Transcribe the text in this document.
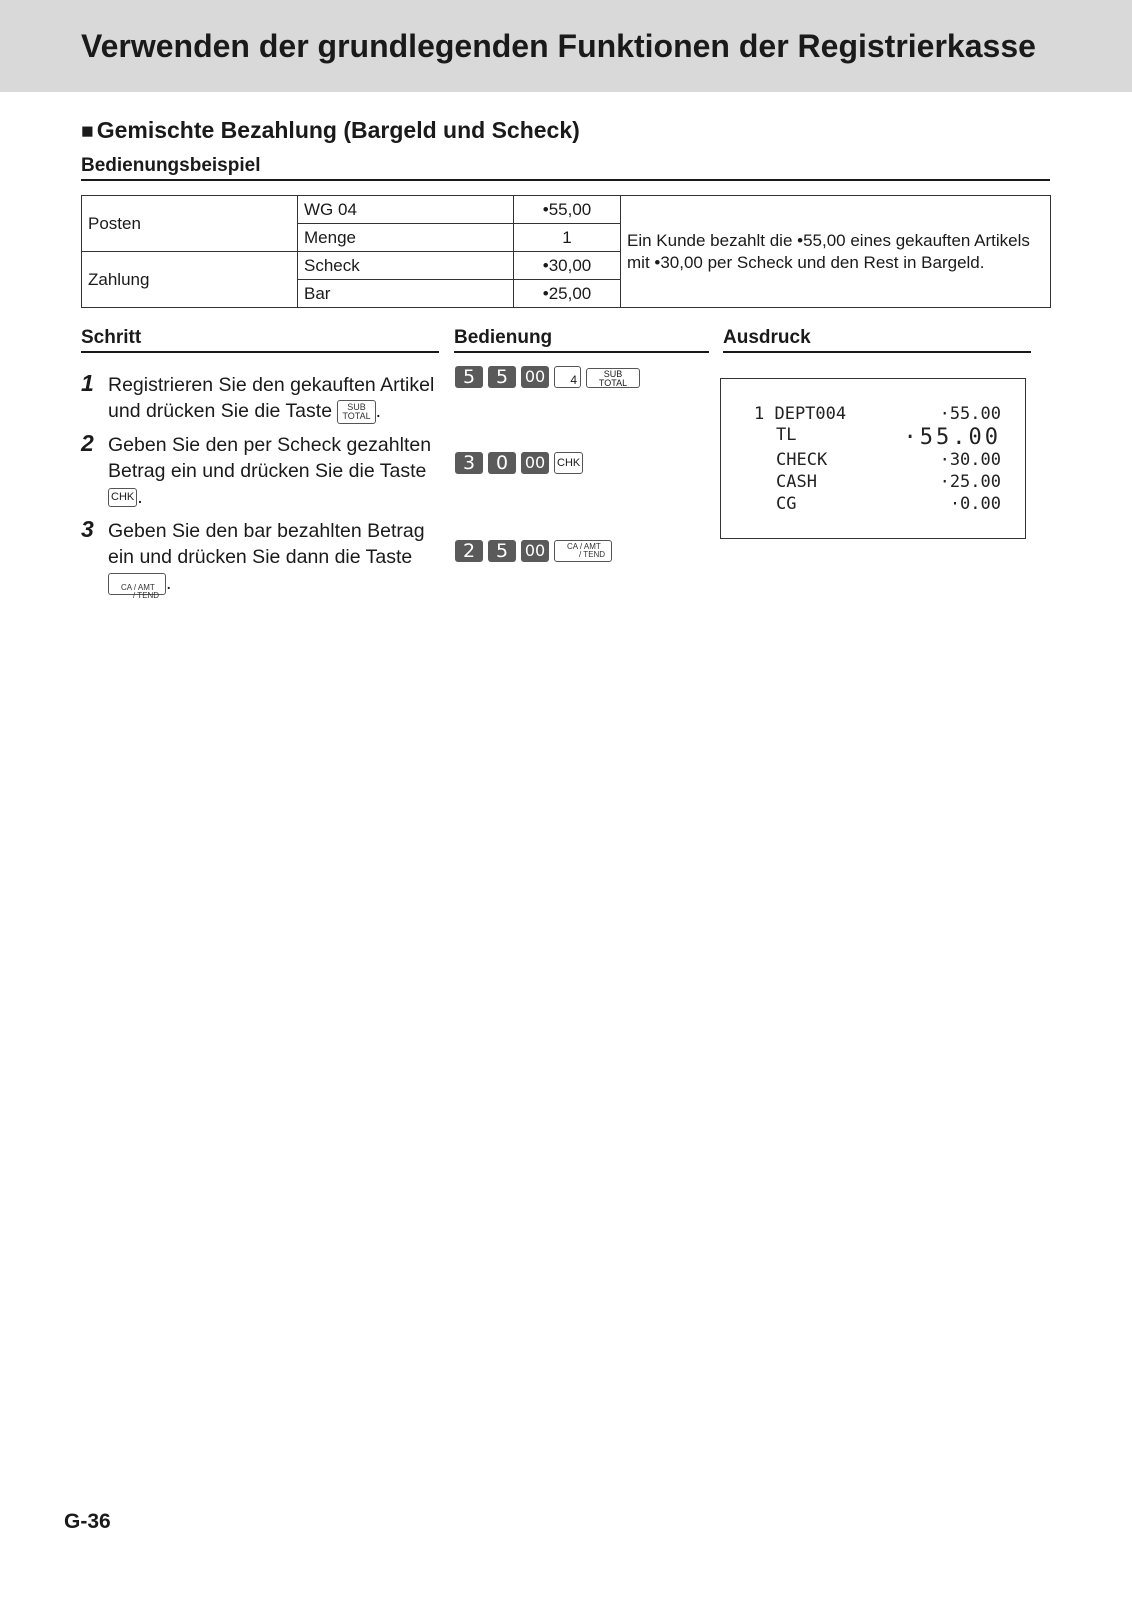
Verwenden der grundlegenden Funktionen der Registrierkasse
■ Gemischte Bezahlung (Bargeld und Scheck)
Bedienungsbeispiel
Posten	WG 04	•55,00	Ein Kunde bezahlt die •55,00 eines gekauften Artikels mit •30,00 per Scheck und den Rest in Bargeld.
	Menge	1	
Zahlung	Scheck	•30,00	
	Bar	•25,00	
Schritt	Bedienung	Ausdruck
1 Registrieren Sie den gekauften Artikel und drücken Sie die Taste SUB
TOTAL .
2 Geben Sie den per Scheck gezahlten Betrag ein und drücken Sie die Taste CHK .
3 Geben Sie den bar bezahlten Betrag ein und drücken Sie dann die Taste
CA / AMT
/ TEND
.
5	5	00	4	SUB
TOTAL
3	0	00	CHK
2	5	00	CA / AMT
/ TEND
1 DEPT004	·55.00
TL	·55.00
CHECK	·30.00
CASH	·25.00
CG	·0.00
G-36
